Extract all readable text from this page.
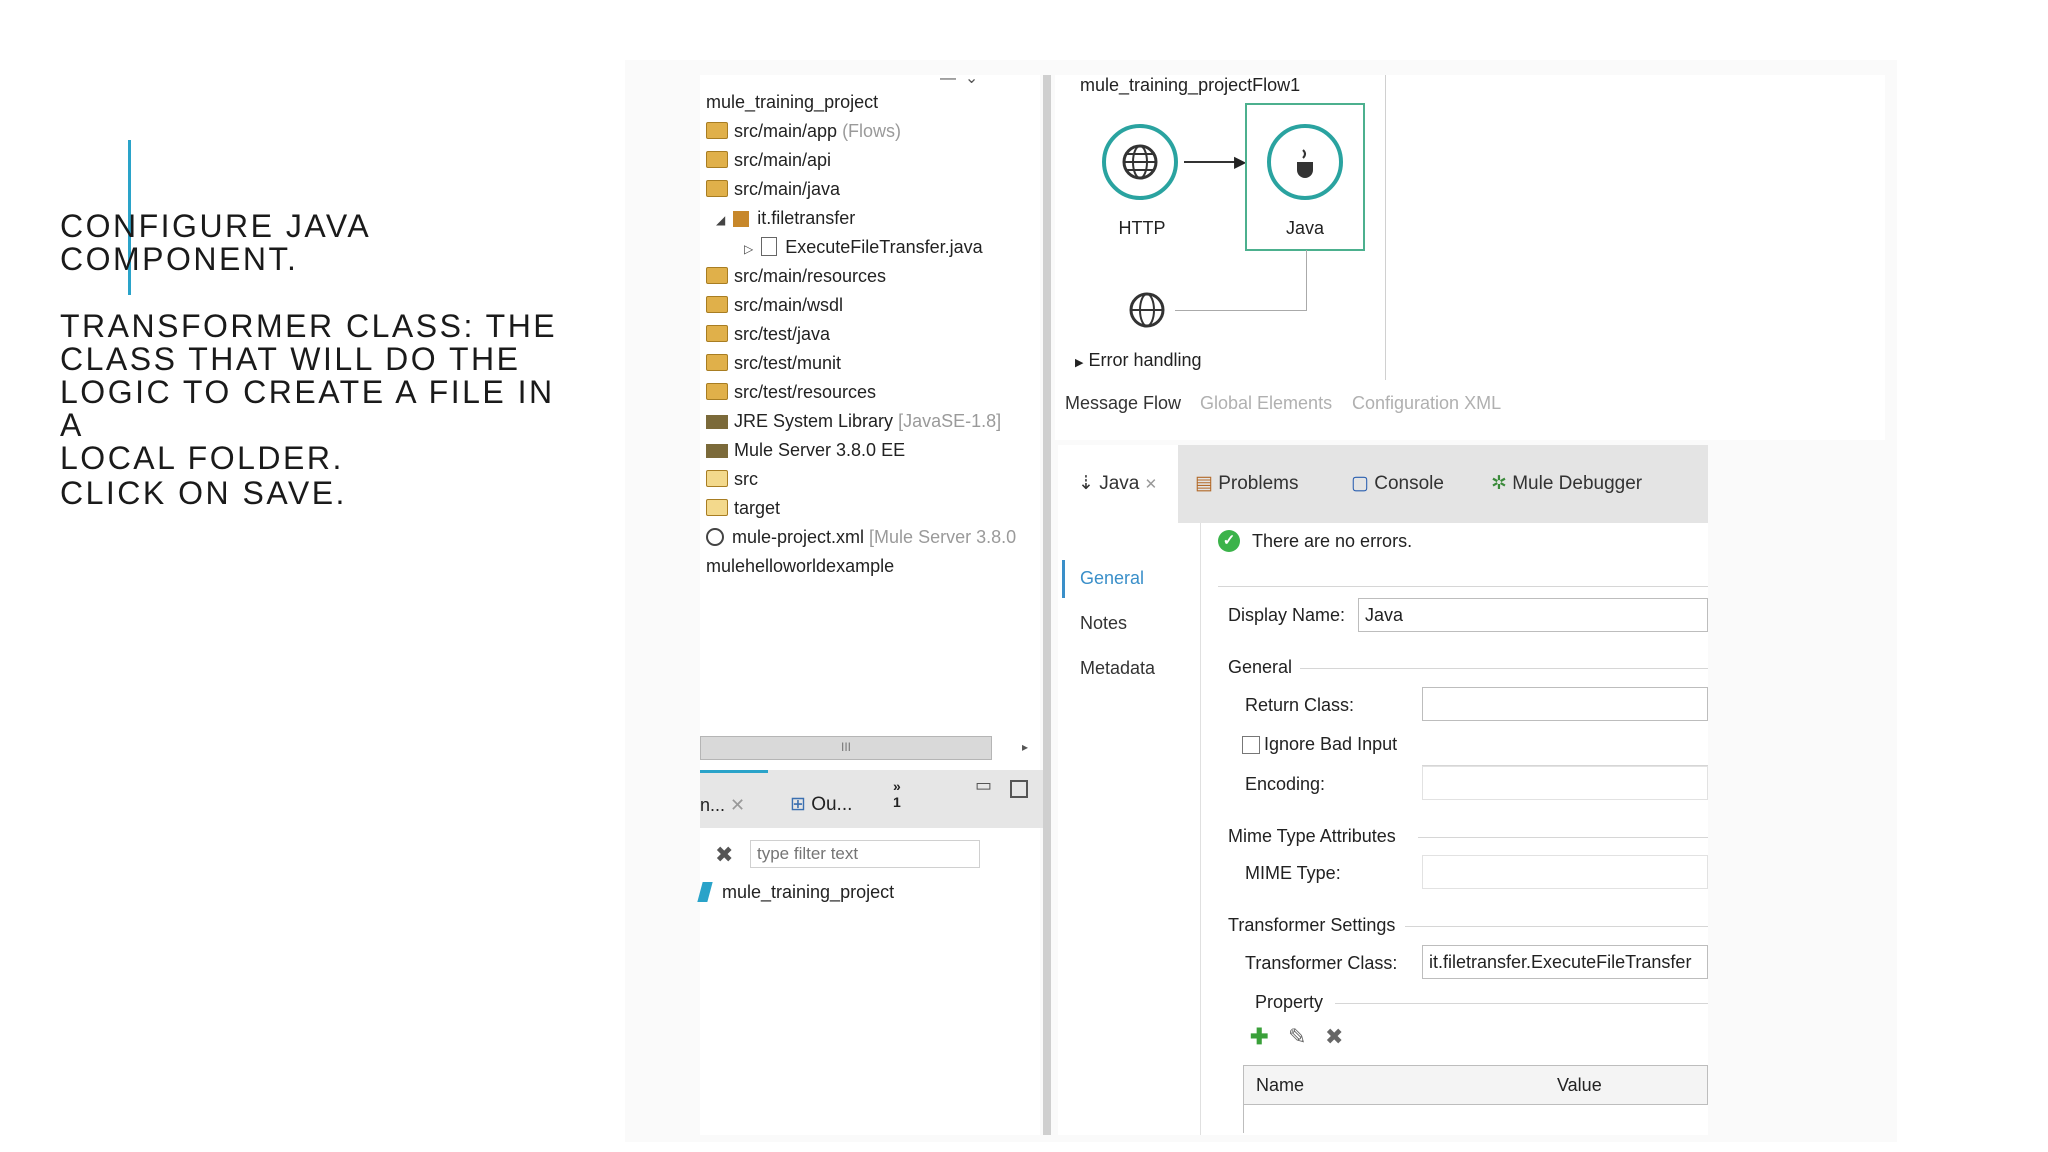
CONFIGURE JAVA
COMPONENT.
TRANSFORMER CLASS: THE
CLASS THAT WILL DO THE
LOGIC TO CREATE A FILE IN A
LOCAL FOLDER.
CLICK ON SAVE.
—  ⌄
mule_training_project
src/main/app (Flows)
src/main/api
src/main/java
◢ it.filetransfer
▷ ExecuteFileTransfer.java
src/main/resources
src/main/wsdl
src/test/java
src/test/munit
src/test/resources
JRE System Library [JavaSE-1.8]
Mule Server 3.8.0 EE
src
target
mule-project.xml [Mule Server 3.8.0
mulehelloworldexample
III	▸
n... ✕ ⊞ Ou...
»
1
▭
✖
type filter text
mule_training_project
mule_training_projectFlow1
HTTP
▶
Java
▶ Error handling
Message Flow Global Elements Configuration XML
⇣ Java ✕	▤ Problems	▢ Console ✲ Mule Debugger
✓ There are no errors.
General
Notes
Metadata
Display Name:	Java
General
Return Class:
Ignore Bad Input
Encoding:
Mime Type Attributes
MIME Type:
Transformer Settings
Transformer Class:	it.filetransfer.ExecuteFileTransfer
Property
✚ ✎ ✖
Name	Value
